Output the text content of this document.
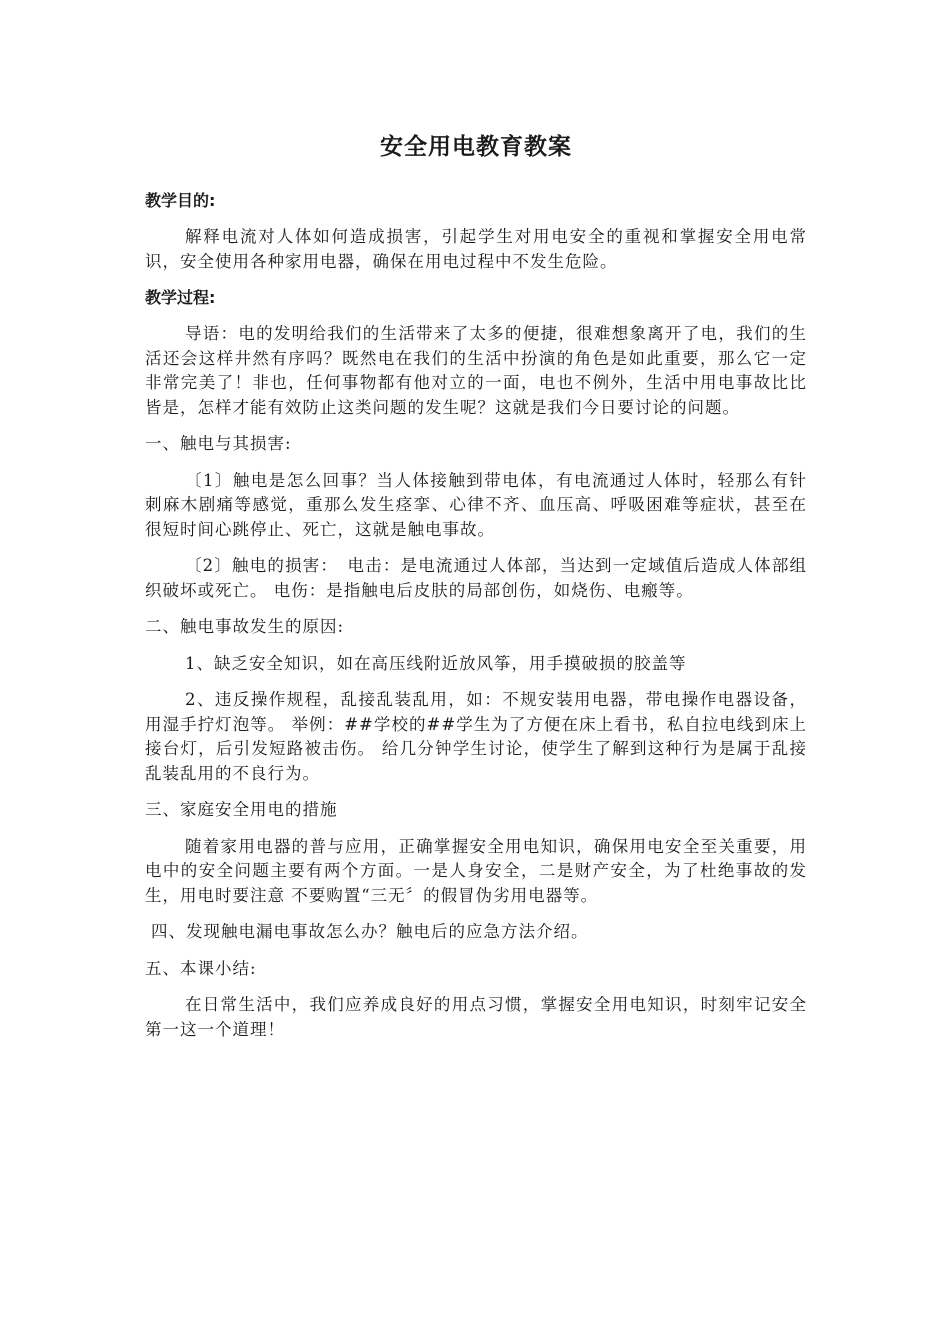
安全用电教育教案
教学目的:

解释电流对人体如何造成损害，引起学生对用电安全的重视和掌握安全用电常识，安全使用各种家用电器，确保在用电过程中不发生危险。

教学过程:

导语：电的发明给我们的生活带来了太多的便捷，很难想象离开了电，我们的生活还会这样井然有序吗？既然电在我们的生活中扮演的角色是如此重要，那么它一定非常完美了！非也，任何事物都有他对立的一面，电也不例外，生活中用电事故比比皆是，怎样才能有效防止这类问题的发生呢？这就是我们今日要讨论的问题。

一、触电与其损害:

〔1〕触电是怎么回事？当人体接触到带电体，有电流通过人体时，轻那么有针刺麻木剧痛等感觉，重那么发生痉挛、心律不齐、血压高、呼吸困难等症状，甚至在很短时间心跳停止、死亡，这就是触电事故。

〔2〕触电的损害：　电击：是电流通过人体部，当达到一定域值后造成人体部组织破坏或死亡。 电伤：是指触电后皮肤的局部创伤，如烧伤、电瘢等。

二、触电事故发生的原因:

1、缺乏安全知识，如在高压线附近放风筝，用手摸破损的胶盖等

2、违反操作规程，乱接乱装乱用，如：不规安装用电器，带电操作电器设备，用湿手拧灯泡等。 举例：##学校的##学生为了方便在床上看书，私自拉电线到床上接台灯，后引发短路被击伤。 给几分钟学生讨论，使学生了解到这种行为是属于乱接乱装乱用的不良行为。

三、家庭安全用电的措施

随着家用电器的普与应用，正确掌握安全用电知识，确保用电安全至关重要，用电中的安全问题主要有两个方面。一是人身安全，二是财产安全，为了杜绝事故的发生，用电时要注意 不要购置“三无〞的假冒伪劣用电器等。

四、发现触电漏电事故怎么办？触电后的应急方法介绍。
五、本课小结:

在日常生活中，我们应养成良好的用点习惯，掌握安全用电知识，时刻牢记安全第一这一个道理！
